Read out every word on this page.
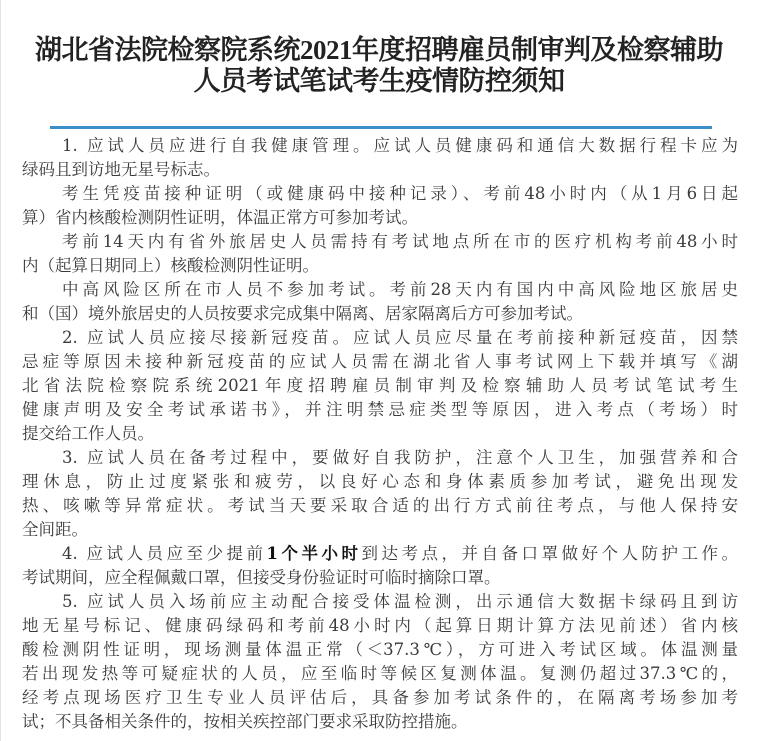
湖北省法院检察院系统2021年度招聘雇员制审判及检察辅助
人员考试笔试考生疫情防控须知
1. 应试人员应进行自我健康管理。应试人员健康码和通信大数据行程卡应为
绿码且到访地无星号标志。
考生凭疫苗接种证明（或健康码中接种记录）、考前48小时内（从1月6日起
算）省内核酸检测阴性证明，体温正常方可参加考试。
考前14天内有省外旅居史人员需持有考试地点所在市的医疗机构考前48小时
内（起算日期同上）核酸检测阴性证明。
中高风险区所在市人员不参加考试。考前28天内有国内中高风险地区旅居史
和（国）境外旅居史的人员按要求完成集中隔离、居家隔离后方可参加考试。
2. 应试人员应接尽接新冠疫苗。应试人员应尽量在考前接种新冠疫苗，因禁
忌症等原因未接种新冠疫苗的应试人员需在湖北省人事考试网上下载并填写《湖
北省法院检察院系统2021年度招聘雇员制审判及检察辅助人员考试笔试考生
健康声明及安全考试承诺书》，并注明禁忌症类型等原因，进入考点（考场）时
提交给工作人员。
3. 应试人员在备考过程中，要做好自我防护，注意个人卫生，加强营养和合
理休息，防止过度紧张和疲劳，以良好心态和身体素质参加考试，避免出现发
热、咳嗽等异常症状。考试当天要采取合适的出行方式前往考点，与他人保持安
全间距。
4. 应试人员应至少提前1个半小时到达考点，并自备口罩做好个人防护工作。
考试期间，应全程佩戴口罩，但接受身份验证时可临时摘除口罩。
5. 应试人员入场前应主动配合接受体温检测，出示通信大数据卡绿码且到访
地无星号标记、健康码绿码和考前48小时内（起算日期计算方法见前述）省内核
酸检测阴性证明，现场测量体温正常（＜37.3℃），方可进入考试区域。体温测量
若出现发热等可疑症状的人员，应至临时等候区复测体温。复测仍超过37.3℃的，
经考点现场医疗卫生专业人员评估后，具备参加考试条件的，在隔离考场参加考
试；不具备相关条件的，按相关疾控部门要求采取防控措施。
